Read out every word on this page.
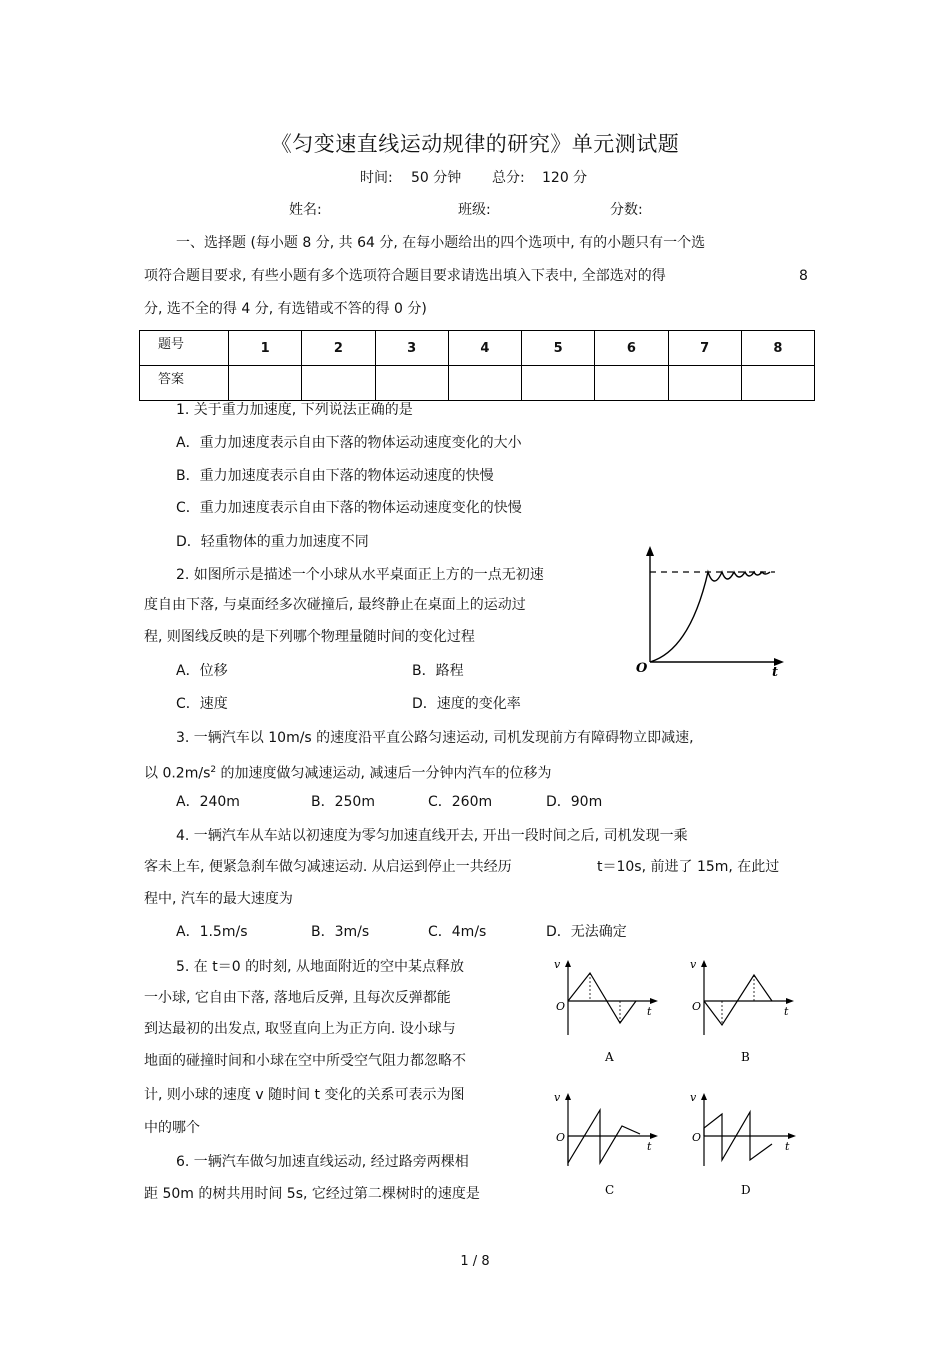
《匀变速直线运动规律的研究》单元测试题
时间: 50 分钟 总分: 120 分
姓名:	班级:	分数:
一、选择题 (每小题 8 分, 共 64 分, 在每小题给出的四个选项中, 有的小题只有一个选
项符合题目要求, 有些小题有多个选项符合题目要求请选出填入下表中, 全部选对的得	8
分, 选不全的得 4 分, 有选错或不答的得 0 分)
题号	1	2	3	4	5	6	7	8
答案								
1. 关于重力加速度, 下列说法正确的是
A．重力加速度表示自由下落的物体运动速度变化的大小
B．重力加速度表示自由下落的物体运动速度的快慢
C．重力加速度表示自由下落的物体运动速度变化的快慢
D．轻重物体的重力加速度不同
2. 如图所示是描述一个小球从水平桌面正上方的一点无初速
度自由下落, 与桌面经多次碰撞后, 最终静止在桌面上的运动过
程, 则图线反映的是下列哪个物理量随时间的变化过程
A．位移	B．路程
C．速度	D．速度的变化率
O	t
3. 一辆汽车以 10m/s 的速度沿平直公路匀速运动, 司机发现前方有障碍物立即减速,
以 $0.2m/s^2$ 的加速度做匀减速运动, 减速后一分钟内汽车的位移为
A．240m	B．250m	C．260m	D．90m
4. 一辆汽车从车站以初速度为零匀加速直线开去, 开出一段时间之后, 司机发现一乘
客未上车, 便紧急刹车做匀减速运动. 从启运到停止一共经历	t＝10s, 前进了 15m, 在此过
程中, 汽车的最大速度为
A．1.5m/s	B．3m/s	C．4m/s	D．无法确定
5. 在 t＝0 的时刻, 从地面附近的空中某点释放
一小球, 它自由下落, 落地后反弹, 且每次反弹都能
到达最初的出发点, 取竖直向上为正方向. 设小球与
地面的碰撞时间和小球在空中所受空气阻力都忽略不
计, 则小球的速度 v 随时间 t 变化的关系可表示为图
中的哪个
v
O	t
A
v
O	t
B
v
O
t
C
v
O
t
D
6. 一辆汽车做匀加速直线运动, 经过路旁两棵相
距 50m 的树共用时间 5s, 它经过第二棵树时的速度是
1 / 8
